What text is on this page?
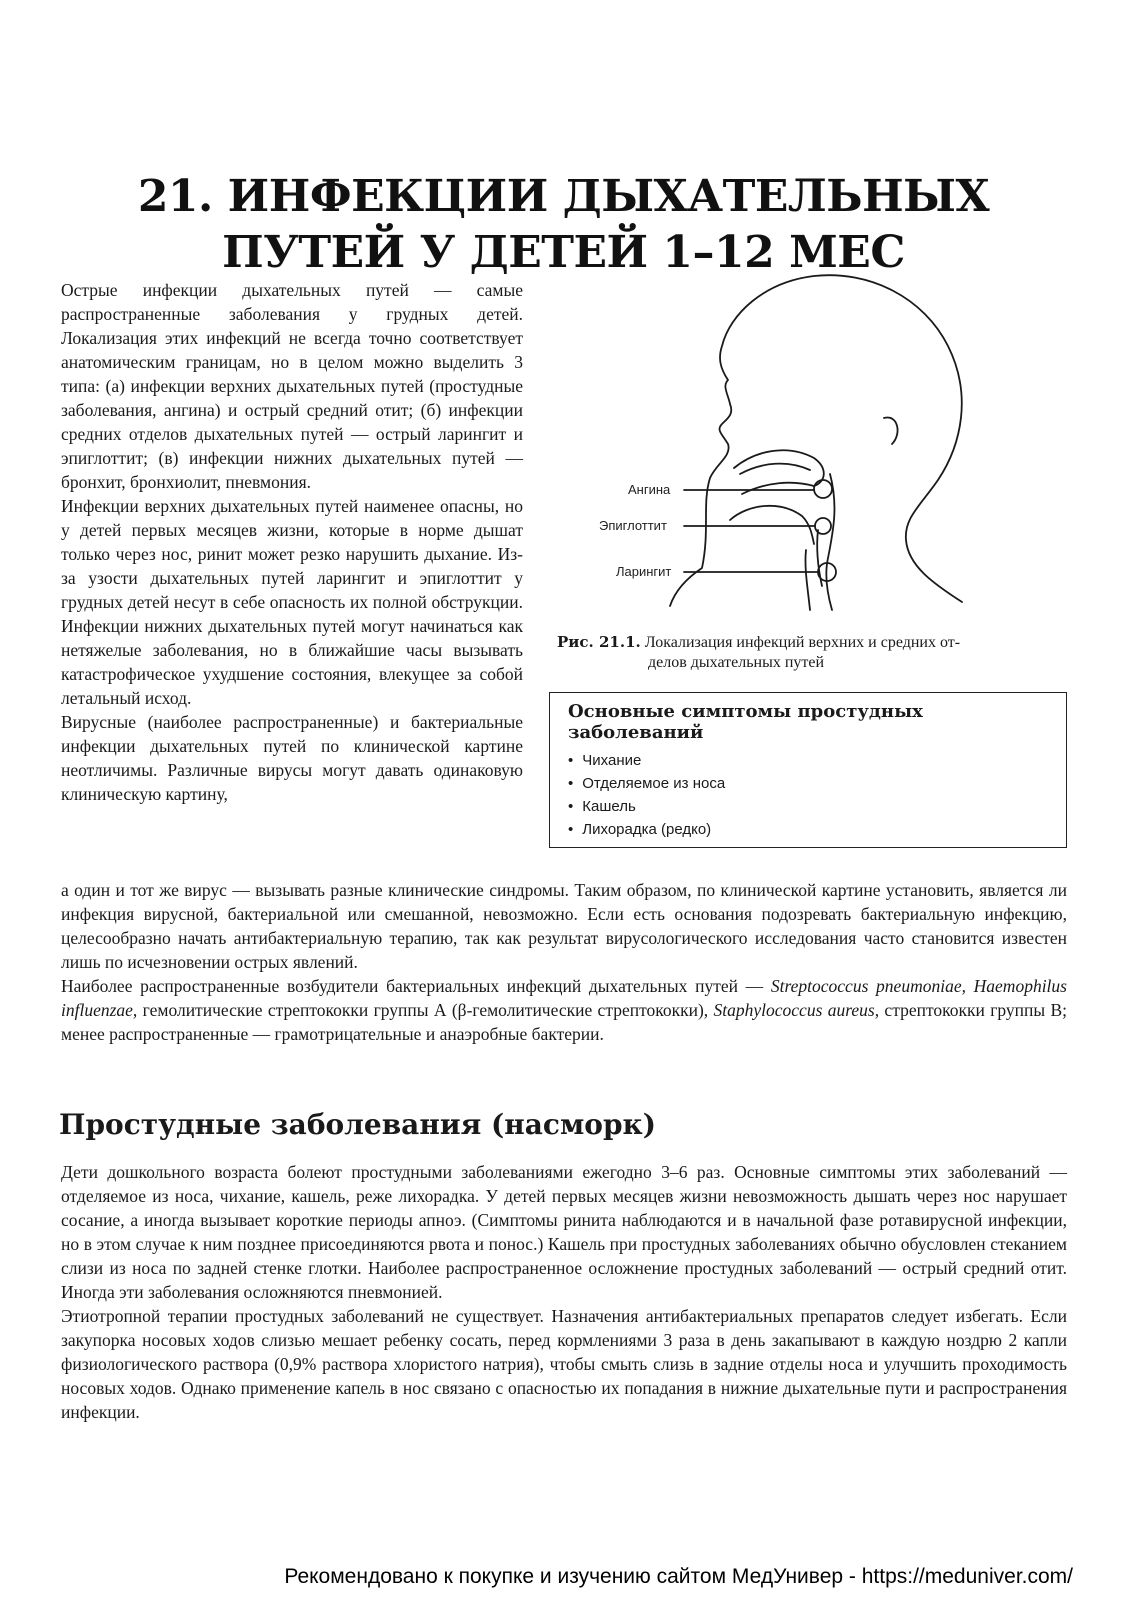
21. ИНФЕКЦИИ ДЫХАТЕЛЬНЫХ
ПУТЕЙ У ДЕТЕЙ 1–12 МЕС

Острые инфекции дыхательных путей — самые распространенные заболевания у грудных детей. Локализация этих инфекций не всегда точно соответствует анатомическим границам, но в целом можно выделить 3 типа: (а) инфекции верхних дыхательных путей (простудные заболевания, ангина) и острый средний отит; (б) инфекции средних отделов дыхательных путей — острый ларингит и эпиглоттит; (в) инфекции нижних дыхательных путей — бронхит, бронхиолит, пневмония.

Инфекции верхних дыхательных путей наименее опасны, но у детей первых месяцев жизни, которые в норме дышат только через нос, ринит может резко нарушить дыхание. Из-за узости дыхательных путей ларингит и эпиглоттит у грудных детей несут в себе опасность их полной обструкции. Инфекции нижних дыхательных путей могут начинаться как нетяжелые заболевания, но в ближайшие часы вызывать катастрофическое ухудшение состояния, влекущее за собой летальный исход.

Вирусные (наиболее распространенные) и бактериальные инфекции дыхательных путей по клинической картине неотличимы. Различные вирусы могут давать одинаковую клиническую картину,

Ангина
Эпиглоттит
Ларингит
Рис. 21.1. Локализация инфекций верхних и средних от-
делов дыхательных путей
Основные симптомы простудных заболеваний
• Чихание
• Отделяемое из носа
• Кашель
• Лихорадка (редко)

а один и тот же вирус — вызывать разные клинические синдромы. Таким образом, по клинической картине установить, является ли инфекция вирусной, бактериальной или смешанной, невозможно. Если есть основания подозревать бактериальную инфекцию, целесообразно начать антибактериальную терапию, так как результат вирусологического исследования часто становится известен лишь по исчезновении острых явлений.

Наиболее распространенные возбудители бактериальных инфекций дыхательных путей — Streptococcus pneumoniae, Haemophilus influenzae, гемолитические стрептококки группы А (β-гемолитические стрептококки), Staphylococcus aureus, стрептококки группы В; менее распространенные — грамотрицательные и анаэробные бактерии.

Простудные заболевания (насморк)

Дети дошкольного возраста болеют простудными заболеваниями ежегодно 3–6 раз. Основные симптомы этих заболеваний — отделяемое из носа, чихание, кашель, реже лихорадка. У детей первых месяцев жизни невозможность дышать через нос нарушает сосание, а иногда вызывает короткие периоды апноэ. (Симптомы ринита наблюдаются и в начальной фазе ротавирусной инфекции, но в этом случае к ним позднее присоединяются рвота и понос.) Кашель при простудных заболеваниях обычно обусловлен стеканием слизи из носа по задней стенке глотки. Наиболее распространенное осложнение простудных заболеваний — острый средний отит. Иногда эти заболевания осложняются пневмонией.

Этиотропной терапии простудных заболеваний не существует. Назначения антибактериальных препаратов следует избегать. Если закупорка носовых ходов слизью мешает ребенку сосать, перед кормлениями 3 раза в день закапывают в каждую ноздрю 2 капли физиологического раствора (0,9% раствора хлористого натрия), чтобы смыть слизь в задние отделы носа и улучшить проходимость носовых ходов. Однако применение капель в нос связано с опасностью их попадания в нижние дыхательные пути и распространения инфекции.

Рекомендовано к покупке и изучению сайтом МедУнивер - https://meduniver.com/
